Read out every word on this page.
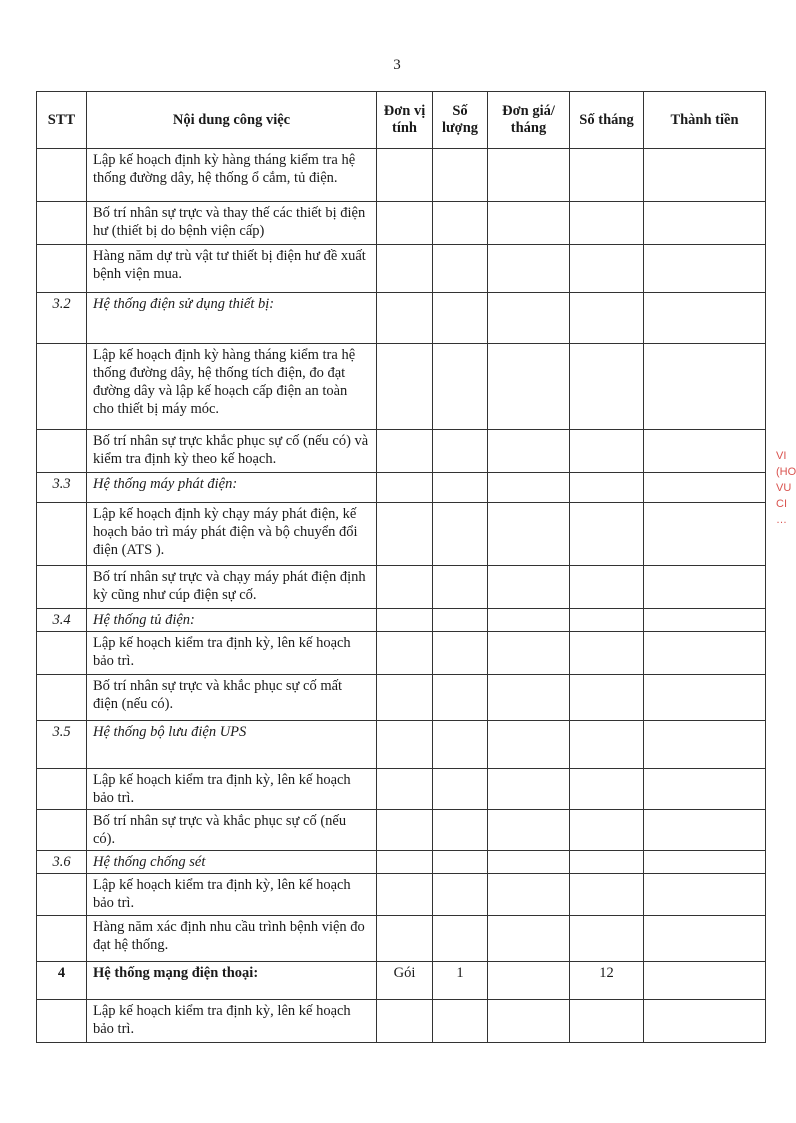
3
VI
(HO
VU
CI
…
STT	Nội dung công việc	Đơn vị tính	Số lượng	Đơn giá/ tháng	Số tháng	Thành tiền
	Lập kế hoạch định kỳ hàng tháng kiểm tra hệ thống đường dây, hệ thống ổ cắm, tủ điện.					
	Bố trí nhân sự trực và thay thế các thiết bị điện hư (thiết bị do bệnh viện cấp)					
	Hàng năm dự trù vật tư thiết bị điện hư đề xuất bệnh viện mua.					
3.2	Hệ thống điện sử dụng thiết bị:					
	Lập kế hoạch định kỳ hàng tháng kiểm tra hệ thống đường dây, hệ thống tích điện, đo đạt đường dây và lập kế hoạch cấp điện an toàn cho thiết bị máy móc.					
	Bố trí nhân sự trực khắc phục sự cố (nếu có) và kiểm tra định kỳ theo kế hoạch.					
3.3	Hệ thống máy phát điện:					
	Lập kế hoạch định kỳ chạy máy phát điện, kế hoạch bảo trì máy phát điện và bộ chuyển đổi điện (ATS ).					
	Bố trí nhân sự trực và chạy máy phát điện định kỳ cũng như cúp điện sự cố.					
3.4	Hệ thống tủ điện:					
	Lập kế hoạch kiểm tra định kỳ, lên kế hoạch bảo trì.					
	Bố trí nhân sự trực và khắc phục sự cố mất điện (nếu có).					
3.5	Hệ thống bộ lưu điện UPS					
	Lập kế hoạch kiểm tra định kỳ, lên kế hoạch bảo trì.					
	Bố trí nhân sự trực và khắc phục sự cố (nếu có).					
3.6	Hệ thống chống sét					
	Lập kế hoạch kiểm tra định kỳ, lên kế hoạch bảo trì.					
	Hàng năm xác định nhu cầu trình bệnh viện đo đạt hệ thống.					
4	Hệ thống mạng điện thoại:	Gói	1		12	
	Lập kế hoạch kiểm tra định kỳ, lên kế hoạch bảo trì.					
